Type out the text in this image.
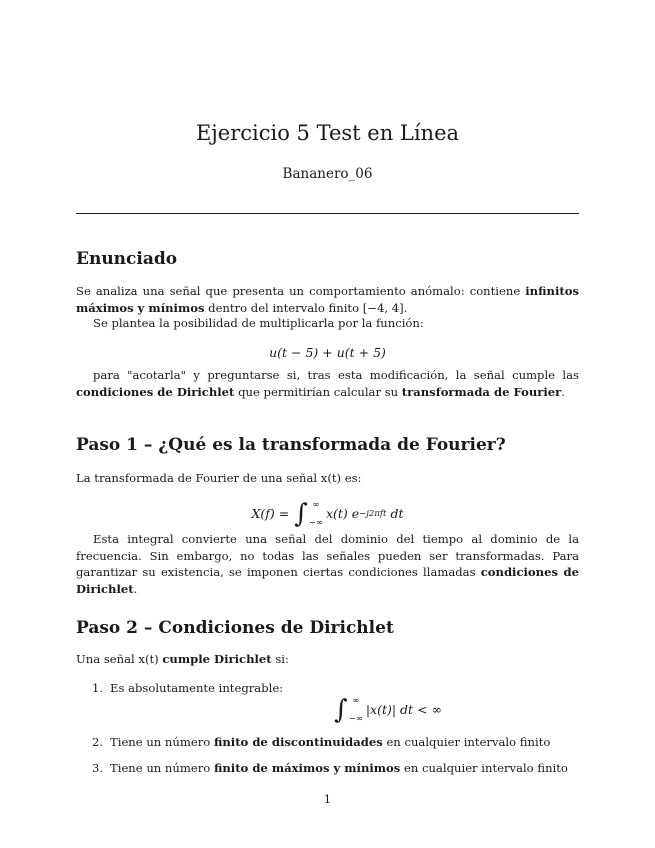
Ejercicio 5 Test en Línea
Bananero_06
Enunciado
Se analiza una señal que presenta un comportamiento anómalo: contiene infinitos máximos y mínimos dentro del intervalo finito [−4, 4].
Se plantea la posibilidad de multiplicarla por la función:
u(t − 5) + u(t + 5)
para "acotarla" y preguntarse si, tras esta modificación, la señal cumple las condiciones de Dirichlet que permitirían calcular su transformada de Fourier.
Paso 1 – ¿Qué es la transformada de Fourier?
La transformada de Fourier de una señal x(t) es:
X(f) =
∫ ∞
−∞
x(t) e −j2πft
dt
Esta integral convierte una señal del dominio del tiempo al dominio de la frecuencia. Sin embargo, no todas las señales pueden ser transformadas. Para garantizar su existencia, se imponen ciertas condiciones llamadas condiciones de Dirichlet.
Paso 2 – Condiciones de Dirichlet
Una señal x(t) cumple Dirichlet si:
1. Es absolutamente integrable:
∫ ∞
−∞
|x(t)| dt < ∞
2. Tiene un número finito de discontinuidades en cualquier intervalo finito
3. Tiene un número finito de máximos y mínimos en cualquier intervalo finito
1
